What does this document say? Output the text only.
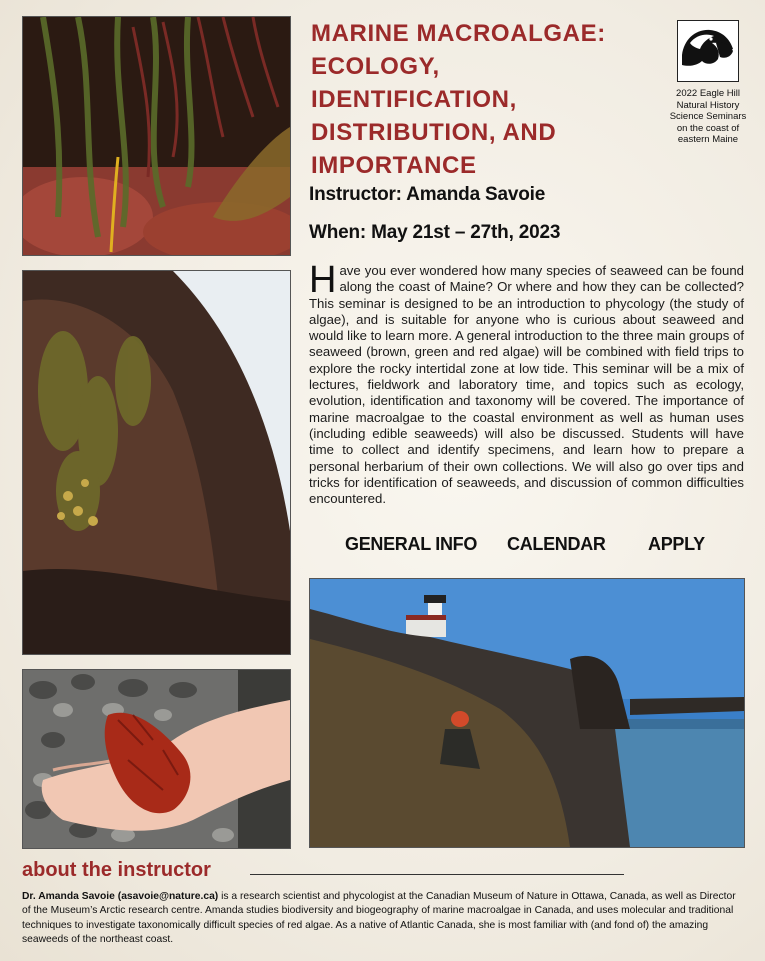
MARINE MACROALGAE:
ECOLOGY,
IDENTIFICATION,
DISTRIBUTION, AND
IMPORTANCE
2022 Eagle Hill
Natural History
Science Seminars
on the coast of
eastern Maine

Instructor: Amanda Savoie

When: May 21st – 27th, 2023

Have you ever wondered how many species of seaweed can be found along the coast of Maine? Or where and how they can be collected? This seminar is designed to be an introduction to phycology (the study of algae), and is suitable for anyone who is curious about seaweed and would like to learn more. A general introduction to the three main groups of seaweed (brown, green and red algae) will be combined with field trips to explore the rocky intertidal zone at low tide. This seminar will be a mix of lectures, fieldwork and laboratory time, and topics such as ecology, evolution, identification and taxonomy will be covered. The importance of marine macroalgae to the coastal environment as well as human uses (including edible seaweeds) will also be discussed. Students will have time to collect and identify specimens, and learn how to prepare a personal herbarium of their own collections. We will also go over tips and tricks for identification of seaweeds, and discussion of common difficulties encountered.

GENERAL INFO CALENDAR APPLY
about the instructor

Dr. Amanda Savoie (asavoie@nature.ca) is a research scientist and phycologist at the Canadian Museum of Nature in Ottawa, Canada, as well as Director of the Museum’s Arctic research centre. Amanda studies biodiversity and biogeography of marine macroalgae in Canada, and uses molecular and traditional techniques to investigate taxonomically difficult species of red algae. As a native of Atlantic Canada, she is most familiar with (and fond of) the amazing seaweeds of the northeast coast.
